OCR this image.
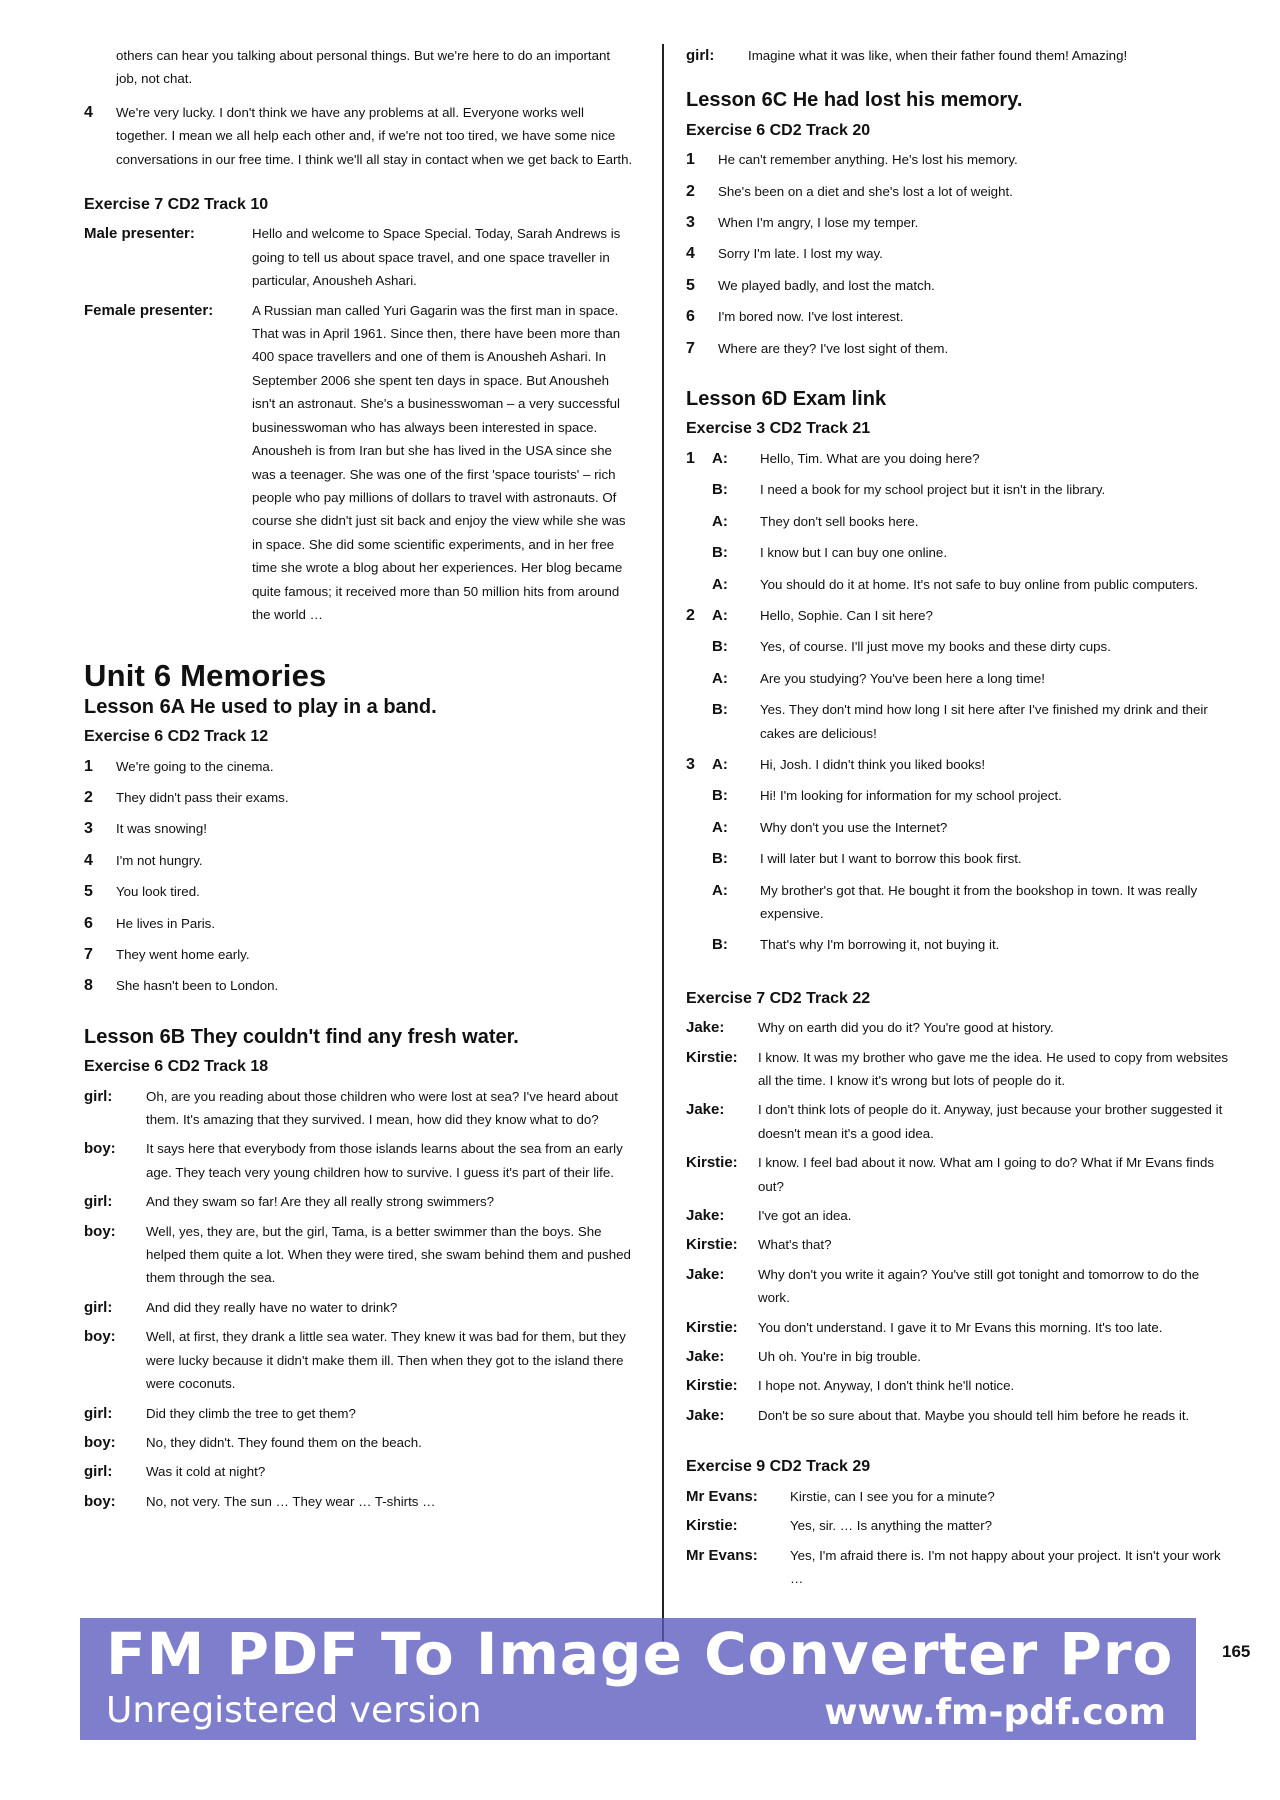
others can hear you talking about personal things. But we're here to do an important job, not chat.
4	We're very lucky. I don't think we have any problems at all. Everyone works well together. I mean we all help each other and, if we're not too tired, we have some nice conversations in our free time. I think we'll all stay in contact when we get back to Earth.
Exercise 7 CD2 Track 10
Male presenter:	Hello and welcome to Space Special. Today, Sarah Andrews is going to tell us about space travel, and one space traveller in particular, Anousheh Ashari.
Female presenter:	A Russian man called Yuri Gagarin was the first man in space. That was in April 1961. Since then, there have been more than 400 space travellers and one of them is Anousheh Ashari. In September 2006 she spent ten days in space. But Anousheh isn't an astronaut. She's a businesswoman – a very successful businesswoman who has always been interested in space.

Anousheh is from Iran but she has lived in the USA since she was a teenager. She was one of the first 'space tourists' – rich people who pay millions of dollars to travel with astronauts. Of course she didn't just sit back and enjoy the view while she was in space. She did some scientific experiments, and in her free time she wrote a blog about her experiences. Her blog became quite famous; it received more than 50 million hits from around the world …

Unit 6 Memories
Lesson 6A He used to play in a band.
Exercise 6 CD2 Track 12
1	We're going to the cinema.
2	They didn't pass their exams.
3	It was snowing!
4	I'm not hungry.
5	You look tired.
6	He lives in Paris.
7	They went home early.
8	She hasn't been to London.
Lesson 6B They couldn't find any fresh water.
Exercise 6 CD2 Track 18
girl:	Oh, are you reading about those children who were lost at sea? I've heard about them. It's amazing that they survived. I mean, how did they know what to do?
boy:	It says here that everybody from those islands learns about the sea from an early age. They teach very young children how to survive. I guess it's part of their life.
girl:	And they swam so far! Are they all really strong swimmers?
boy:	Well, yes, they are, but the girl, Tama, is a better swimmer than the boys. She helped them quite a lot. When they were tired, she swam behind them and pushed them through the sea.
girl:	And did they really have no water to drink?
boy:	Well, at first, they drank a little sea water. They knew it was bad for them, but they were lucky because it didn't make them ill. Then when they got to the island there were coconuts.
girl:	Did they climb the tree to get them?
boy:	No, they didn't. They found them on the beach.
girl:	Was it cold at night?
boy:	No, not very. The sun … They wear … T-shirts …
girl:	Imagine what it was like, when their father found them! Amazing!
Lesson 6C He had lost his memory.
Exercise 6 CD2 Track 20
1	He can't remember anything. He's lost his memory.
2	She's been on a diet and she's lost a lot of weight.
3	When I'm angry, I lose my temper.
4	Sorry I'm late. I lost my way.
5	We played badly, and lost the match.
6	I'm bored now. I've lost interest.
7	Where are they? I've lost sight of them.
Lesson 6D Exam link
Exercise 3 CD2 Track 21
1	A:	Hello, Tim. What are you doing here?
B:	I need a book for my school project but it isn't in the library.
A:	They don't sell books here.
B:	I know but I can buy one online.
A:	You should do it at home. It's not safe to buy online from public computers.
2	A:	Hello, Sophie. Can I sit here?
B:	Yes, of course. I'll just move my books and these dirty cups.
A:	Are you studying? You've been here a long time!
B:	Yes. They don't mind how long I sit here after I've finished my drink and their cakes are delicious!
3	A:	Hi, Josh. I didn't think you liked books!
B:	Hi! I'm looking for information for my school project.
A:	Why don't you use the Internet?
B:	I will later but I want to borrow this book first.
A:	My brother's got that. He bought it from the bookshop in town. It was really expensive.
B:	That's why I'm borrowing it, not buying it.
Exercise 7 CD2 Track 22
Jake:	Why on earth did you do it? You're good at history.
Kirstie:	I know. It was my brother who gave me the idea. He used to copy from websites all the time. I know it's wrong but lots of people do it.
Jake:	I don't think lots of people do it. Anyway, just because your brother suggested it doesn't mean it's a good idea.
Kirstie:	I know. I feel bad about it now. What am I going to do? What if Mr Evans finds out?
Jake:	I've got an idea.
Kirstie:	What's that?
Jake:	Why don't you write it again? You've still got tonight and tomorrow to do the work.
Kirstie:	You don't understand. I gave it to Mr Evans this morning. It's too late.
Jake:	Uh oh. You're in big trouble.
Kirstie:	I hope not. Anyway, I don't think he'll notice.
Jake:	Don't be so sure about that. Maybe you should tell him before he reads it.
Exercise 9 CD2 Track 29
Mr Evans:	Kirstie, can I see you for a minute?
Kirstie:	Yes, sir. … Is anything the matter?
Mr Evans:	Yes, I'm afraid there is. I'm not happy about your project. It isn't your work …
FM PDF To Image Converter Pro
Unregistered version	www.fm-pdf.com
165
